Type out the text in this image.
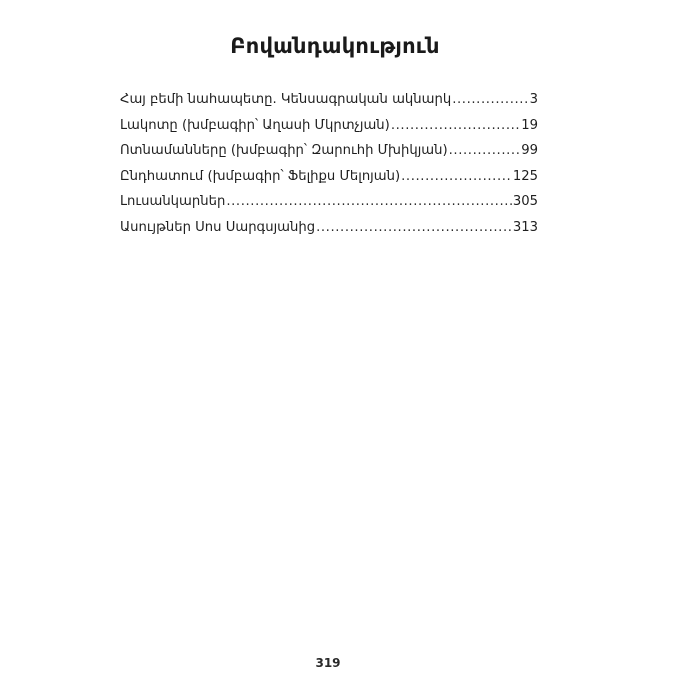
Բովանդակություն
Հայ բեմի նահապետը. Կենսագրական ակնարկ .....	3
Լակոտը (խմբագիր՝ Աղասի Մկրտչյան) .....	19
Ոտնամանները (խմբագիր՝ Զարուհի Մխիկյան) .....	99
Ընդհատում (խմբագիր՝ Ֆելիքս Մելոյան) .....	125
Լուսանկարներ .....	305
Ասույթներ Սոս Սարգսյանից .....	313
319
